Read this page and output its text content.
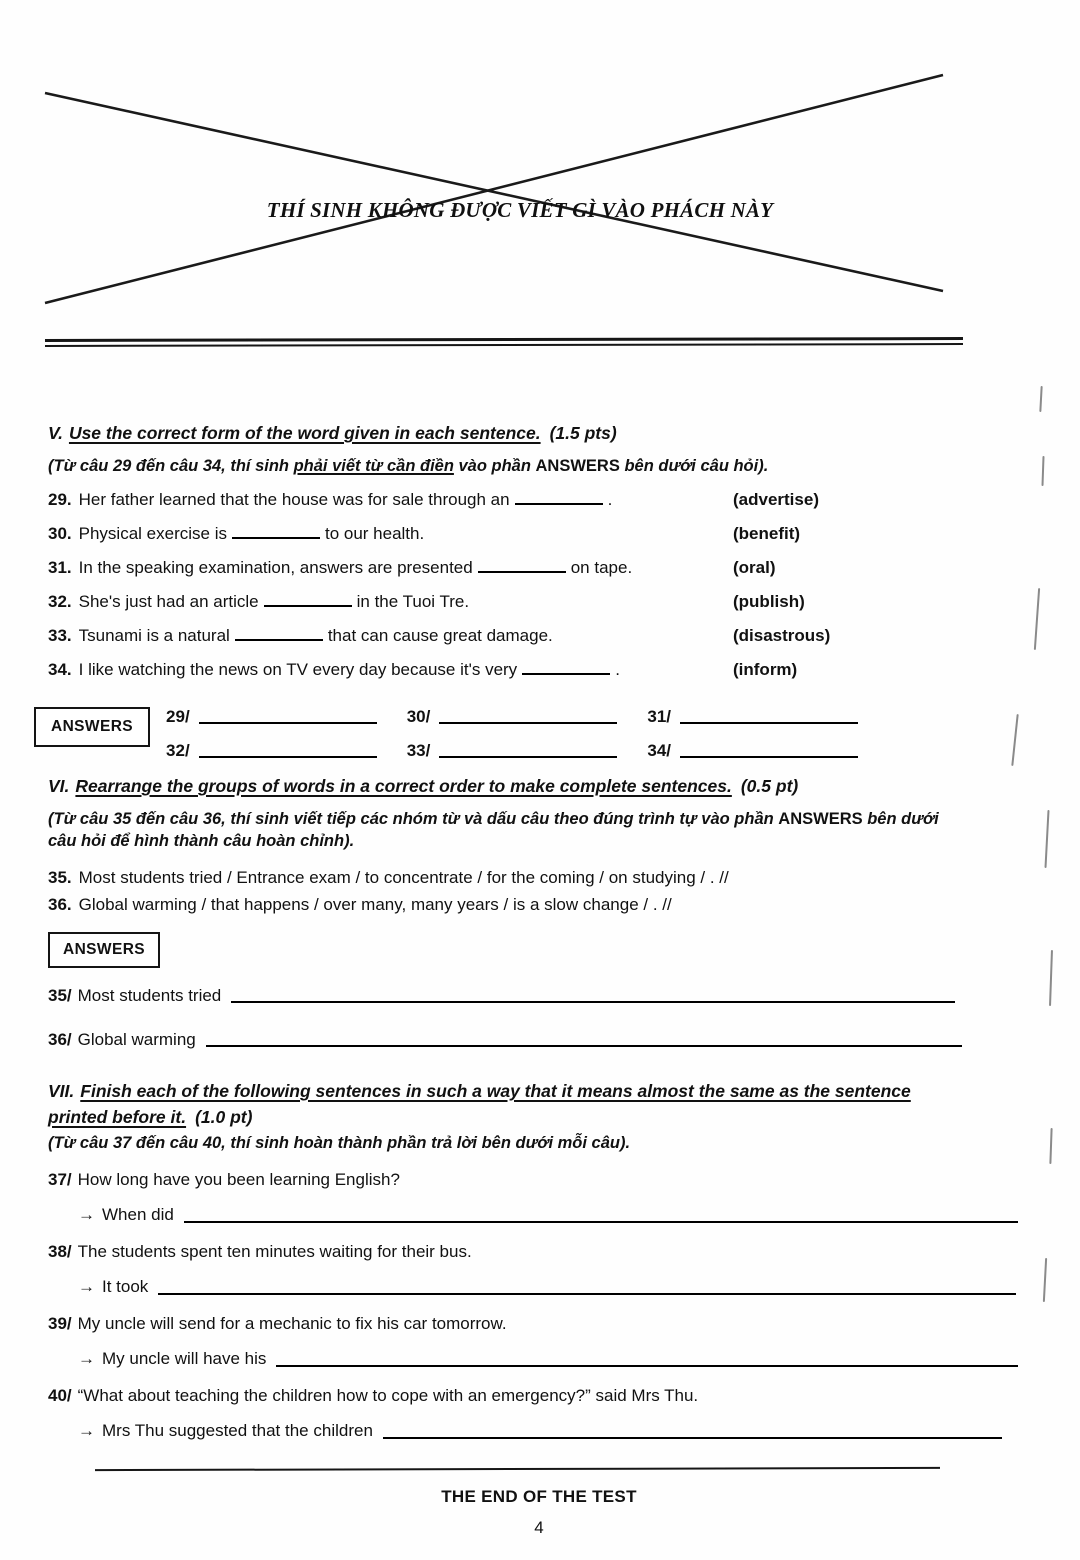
THÍ SINH KHÔNG ĐƯỢC VIẾT GÌ VÀO PHÁCH NÀY
V. Use the correct form of the word given in each sentence. (1.5 pts)
(Từ câu 29 đến câu 34, thí sinh phải viết từ cần điền vào phần ANSWERS bên dưới câu hỏi).
29. Her father learned that the house was for sale through an	.	(advertise)
30. Physical exercise is	to our health.	(benefit)
31. In the speaking examination, answers are presented	on tape.	(oral)
32. She's just had an article	in the Tuoi Tre.	(publish)
33. Tsunami is a natural	that can cause great damage.	(disastrous)
34. I like watching the news on TV every day because it's very	.	(inform)
ANSWERS
29/	30/	31/
32/	33/	34/
VI. Rearrange the groups of words in a correct order to make complete sentences. (0.5 pt)
(Từ câu 35 đến câu 36, thí sinh viết tiếp các nhóm từ và dấu câu theo đúng trình tự vào phần ANSWERS bên dưới câu hỏi để hình thành câu hoàn chỉnh).
35. Most students tried / Entrance exam / to concentrate / for the coming / on studying / . //
36. Global warming / that happens / over many, many years / is a slow change / . //
ANSWERS
35/ Most students tried
36/ Global warming
VII. Finish each of the following sentences in such a way that it means almost the same as the sentence printed before it. (1.0 pt)
(Từ câu 37 đến câu 40, thí sinh hoàn thành phần trả lời bên dưới mỗi câu).
37/ How long have you been learning English?
→ When did
38/ The students spent ten minutes waiting for their bus.
→ It took
39/ My uncle will send for a mechanic to fix his car tomorrow.
→ My uncle will have his
40/ “What about teaching the children how to cope with an emergency?” said Mrs Thu.
→ Mrs Thu suggested that the children
THE END OF THE TEST
4
